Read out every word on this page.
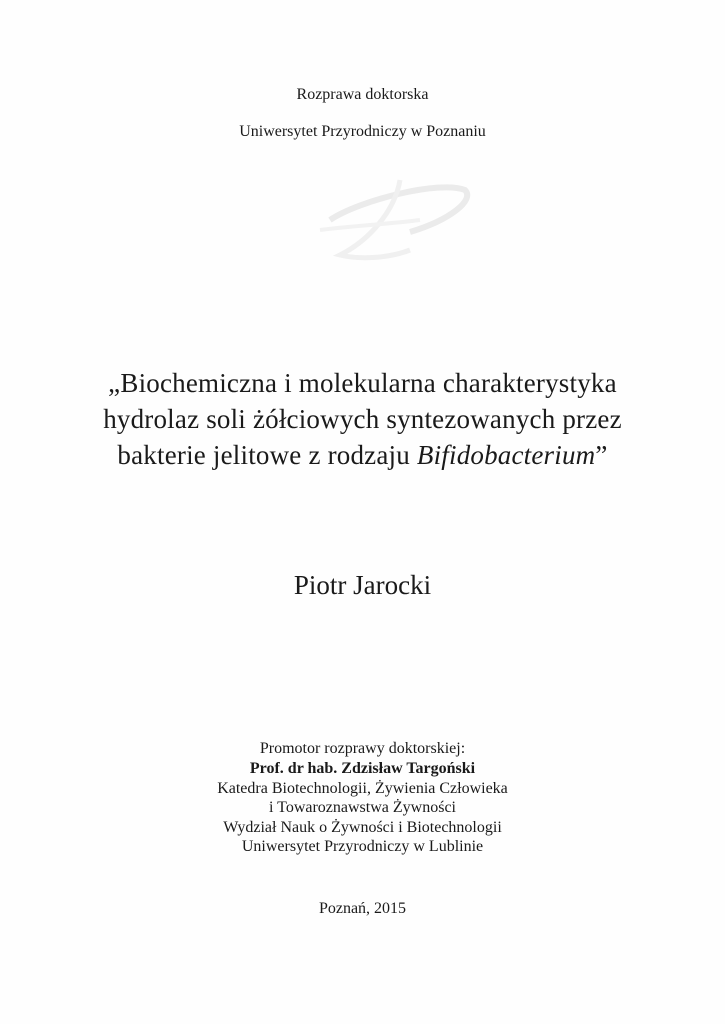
Rozprawa doktorska
Uniwersytet Przyrodniczy w Poznaniu
„Biochemiczna i molekularna charakterystyka
hydrolaz soli żółciowych syntezowanych przez
bakterie jelitowe z rodzaju Bifidobacterium”
Piotr Jarocki
Promotor rozprawy doktorskiej:
Prof. dr hab. Zdzisław Targoński
Katedra Biotechnologii, Żywienia Człowieka
i Towaroznawstwa Żywności
Wydział Nauk o Żywności i Biotechnologii
Uniwersytet Przyrodniczy w Lublinie
Poznań, 2015
